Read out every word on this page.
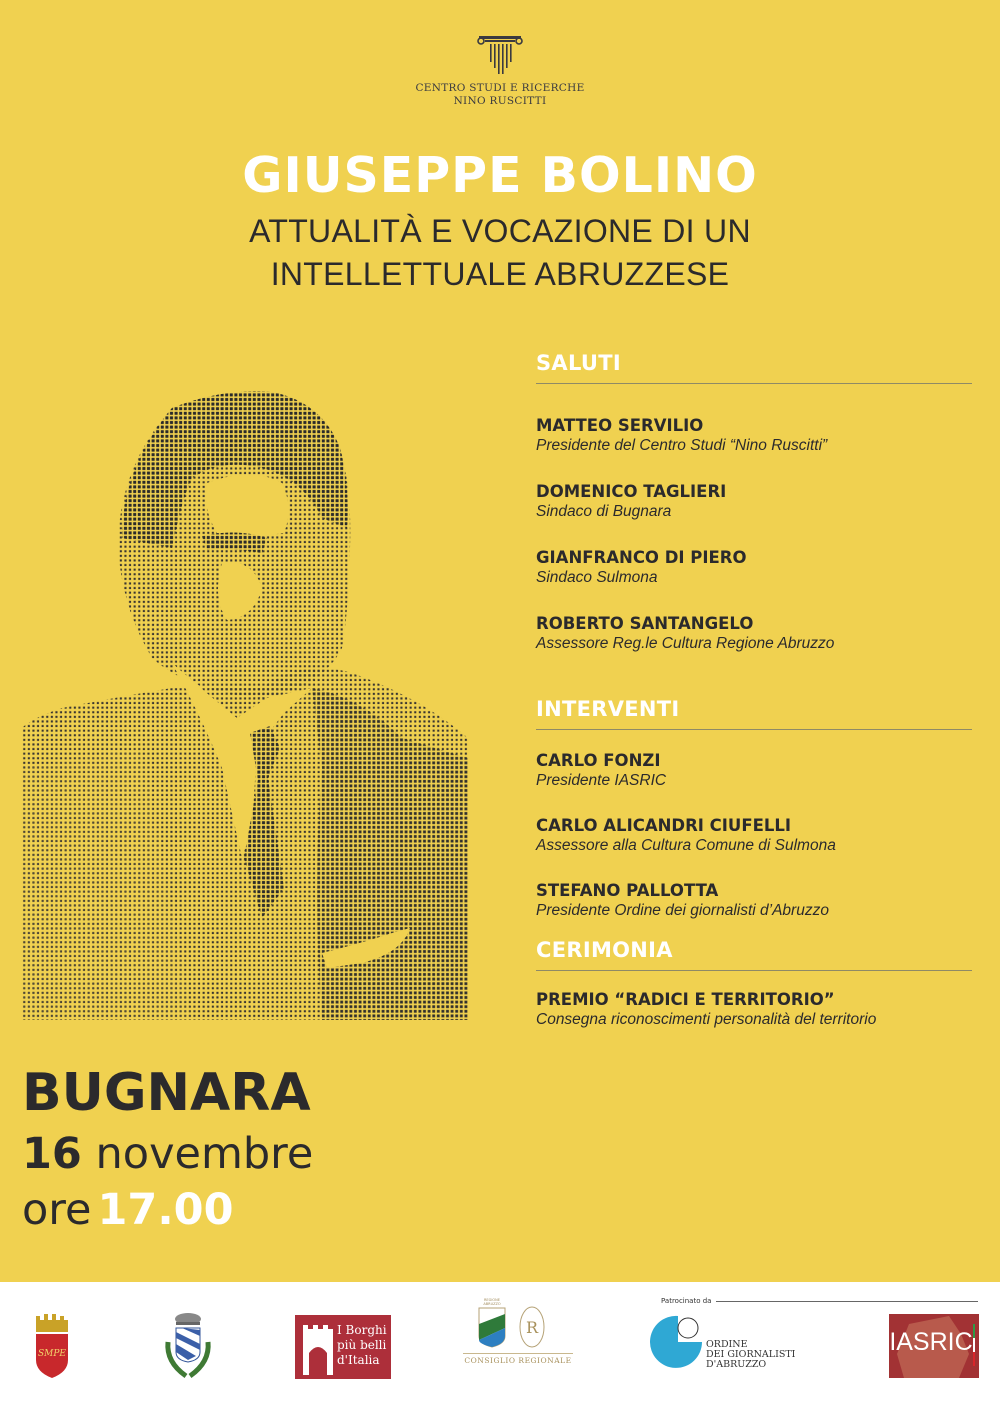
CENTRO STUDI E RICERCHE
NINO RUSCITTI
GIUSEPPE BOLINO
ATTUALITÀ E VOCAZIONE DI UN
INTELLETTUALE ABRUZZESE
SALUTI
MATTEO SERVILIO
Presidente del Centro Studi “Nino Ruscitti”
DOMENICO TAGLIERI
Sindaco di Bugnara
GIANFRANCO DI PIERO
Sindaco Sulmona
ROBERTO SANTANGELO
Assessore Reg.le Cultura Regione Abruzzo
INTERVENTI
CARLO FONZI
Presidente IASRIC
CARLO ALICANDRI CIUFELLI
Assessore alla Cultura Comune di Sulmona
STEFANO PALLOTTA
Presidente Ordine dei giornalisti d’Abruzzo
CERIMONIA
PREMIO “RADICI E TERRITORIO”
Consegna riconoscimenti personalità del territorio
BUGNARA
16 novembre
ore 17.00
SMPE
I Borghi
più belli
d'Italia
REGIONE ABRUZZO
R
CONSIGLIO REGIONALE
ORDINE
DEI GIORNALISTI
D'ABRUZZO
IASRIC
Patrocinato da
